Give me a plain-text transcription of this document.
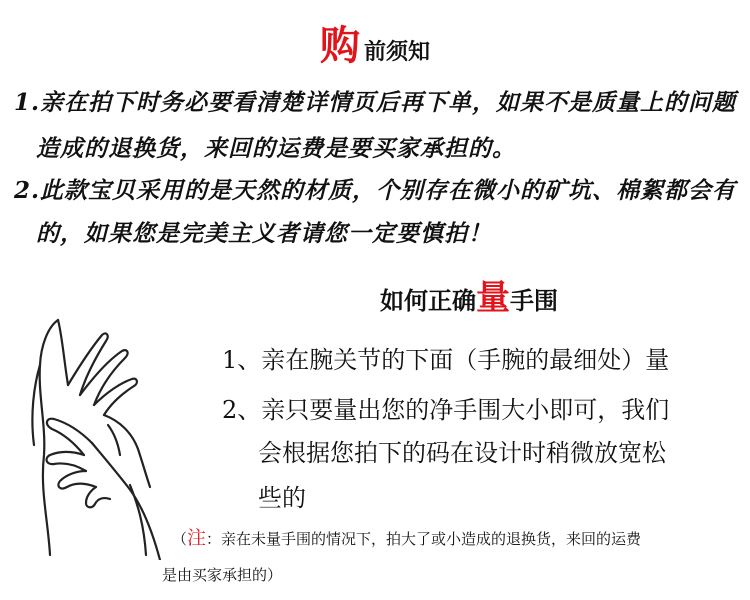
购前须知
1.亲在拍下时务必要看清楚详情页后再下单，如果不是质量上的问题
造成的退换货，来回的运费是要买家承担的。
2.此款宝贝采用的是天然的材质，个别存在微小的矿坑、棉絮都会有
的，如果您是完美主义者请您一定要慎拍！
如何正确量手围
1、亲在腕关节的下面（手腕的最细处）量
2、亲只要量出您的净手围大小即可，我们
会根据您拍下的码在设计时稍微放宽松
些的
（注：亲在未量手围的情况下，拍大了或小造成的退换货，来回的运费
是由买家承担的）
